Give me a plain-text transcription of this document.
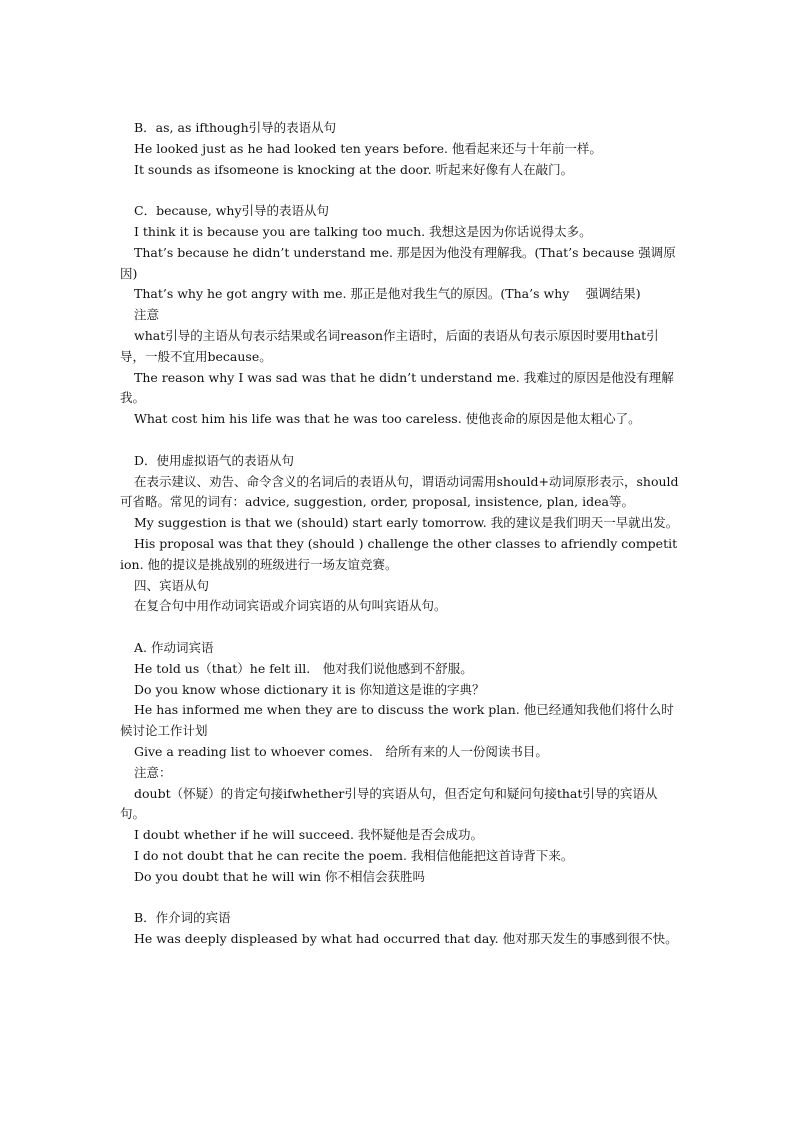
B．as, as ifthough引导的表语从句

He looked just as he had looked ten years before. 他看起来还与十年前一样。

It sounds as ifsomeone is knocking at the door. 听起来好像有人在敲门。

C．because, why引导的表语从句

I think it is because you are talking too much. 我想这是因为你话说得太多。

That’s because he didn’t understand me. 那是因为他没有理解我。(That’s because 强调原因)

That’s why he got angry with me. 那正是他对我生气的原因。(Tha’s why　 强调结果)

注意

what引导的主语从句表示结果或名词reason作主语时，后面的表语从句表示原因时要用that引导，一般不宜用because。

The reason why I was sad was that he didn’t understand me. 我难过的原因是他没有理解我。

What cost him his life was that he was too careless. 使他丧命的原因是他太粗心了。

D．使用虚拟语气的表语从句

在表示建议、劝告、命令含义的名词后的表语从句，谓语动词需用should+动词原形表示，should可省略。常见的词有：advice, suggestion, order, proposal, insistence, plan, idea等。

My suggestion is that we (should) start early tomorrow. 我的建议是我们明天一早就出发。

His proposal was that they (should ) challenge the other classes to afriendly competition. 他的提议是挑战别的班级进行一场友谊竞赛。

四、宾语从句

在复合句中用作动词宾语或介词宾语的从句叫宾语从句。

A. 作动词宾语

He told us（that）he felt ill.　他对我们说他感到不舒服。

Do you know whose dictionary it is 你知道这是谁的字典？

He has informed me when they are to discuss the work plan. 他已经通知我他们将什么时候讨论工作计划

Give a reading list to whoever comes.　给所有来的人一份阅读书目。

注意：

doubt（怀疑）的肯定句接ifwhether引导的宾语从句，但否定句和疑问句接that引导的宾语从句。

I doubt whether if he will succeed. 我怀疑他是否会成功。

I do not doubt that he can recite the poem. 我相信他能把这首诗背下来。

Do you doubt that he will win 你不相信会获胜吗

B．作介词的宾语

He was deeply displeased by what had occurred that day. 他对那天发生的事感到很不快。
